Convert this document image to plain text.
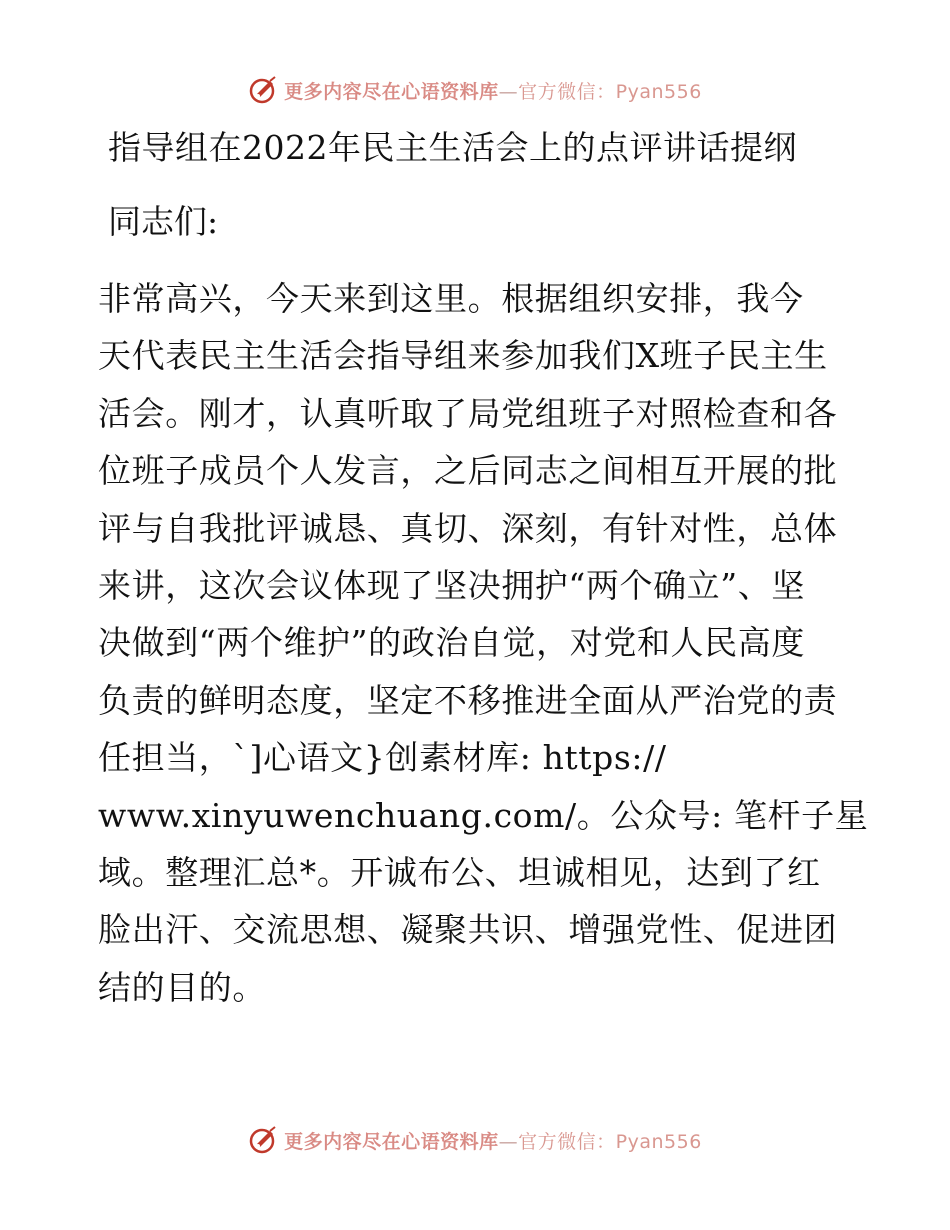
更多内容尽在心语资料库—官方微信：Pyan556
指导组在2022年民主生活会上的点评讲话提纲
同志们:
非常高兴，今天来到这里。根据组织安排，我今
天代表民主生活会指导组来参加我们X班子民主生
活会。刚才，认真听取了局党组班子对照检查和各
位班子成员个人发言，之后同志之间相互开展的批
评与自我批评诚恳、真切、深刻，有针对性，总体
来讲，这次会议体现了坚决拥护“两个确立”、坚
决做到“两个维护”的政治自觉，对党和人民高度
负责的鲜明态度，坚定不移推进全面从严治党的责
任担当，`]心语文}创素材库: https://
www.xinyuwenchuang.com/。公众号: 笔杆子星
域。整理汇总*。开诚布公、坦诚相见，达到了红
脸出汗、交流思想、凝聚共识、增强党性、促进团
结的目的。
更多内容尽在心语资料库—官方微信：Pyan556
